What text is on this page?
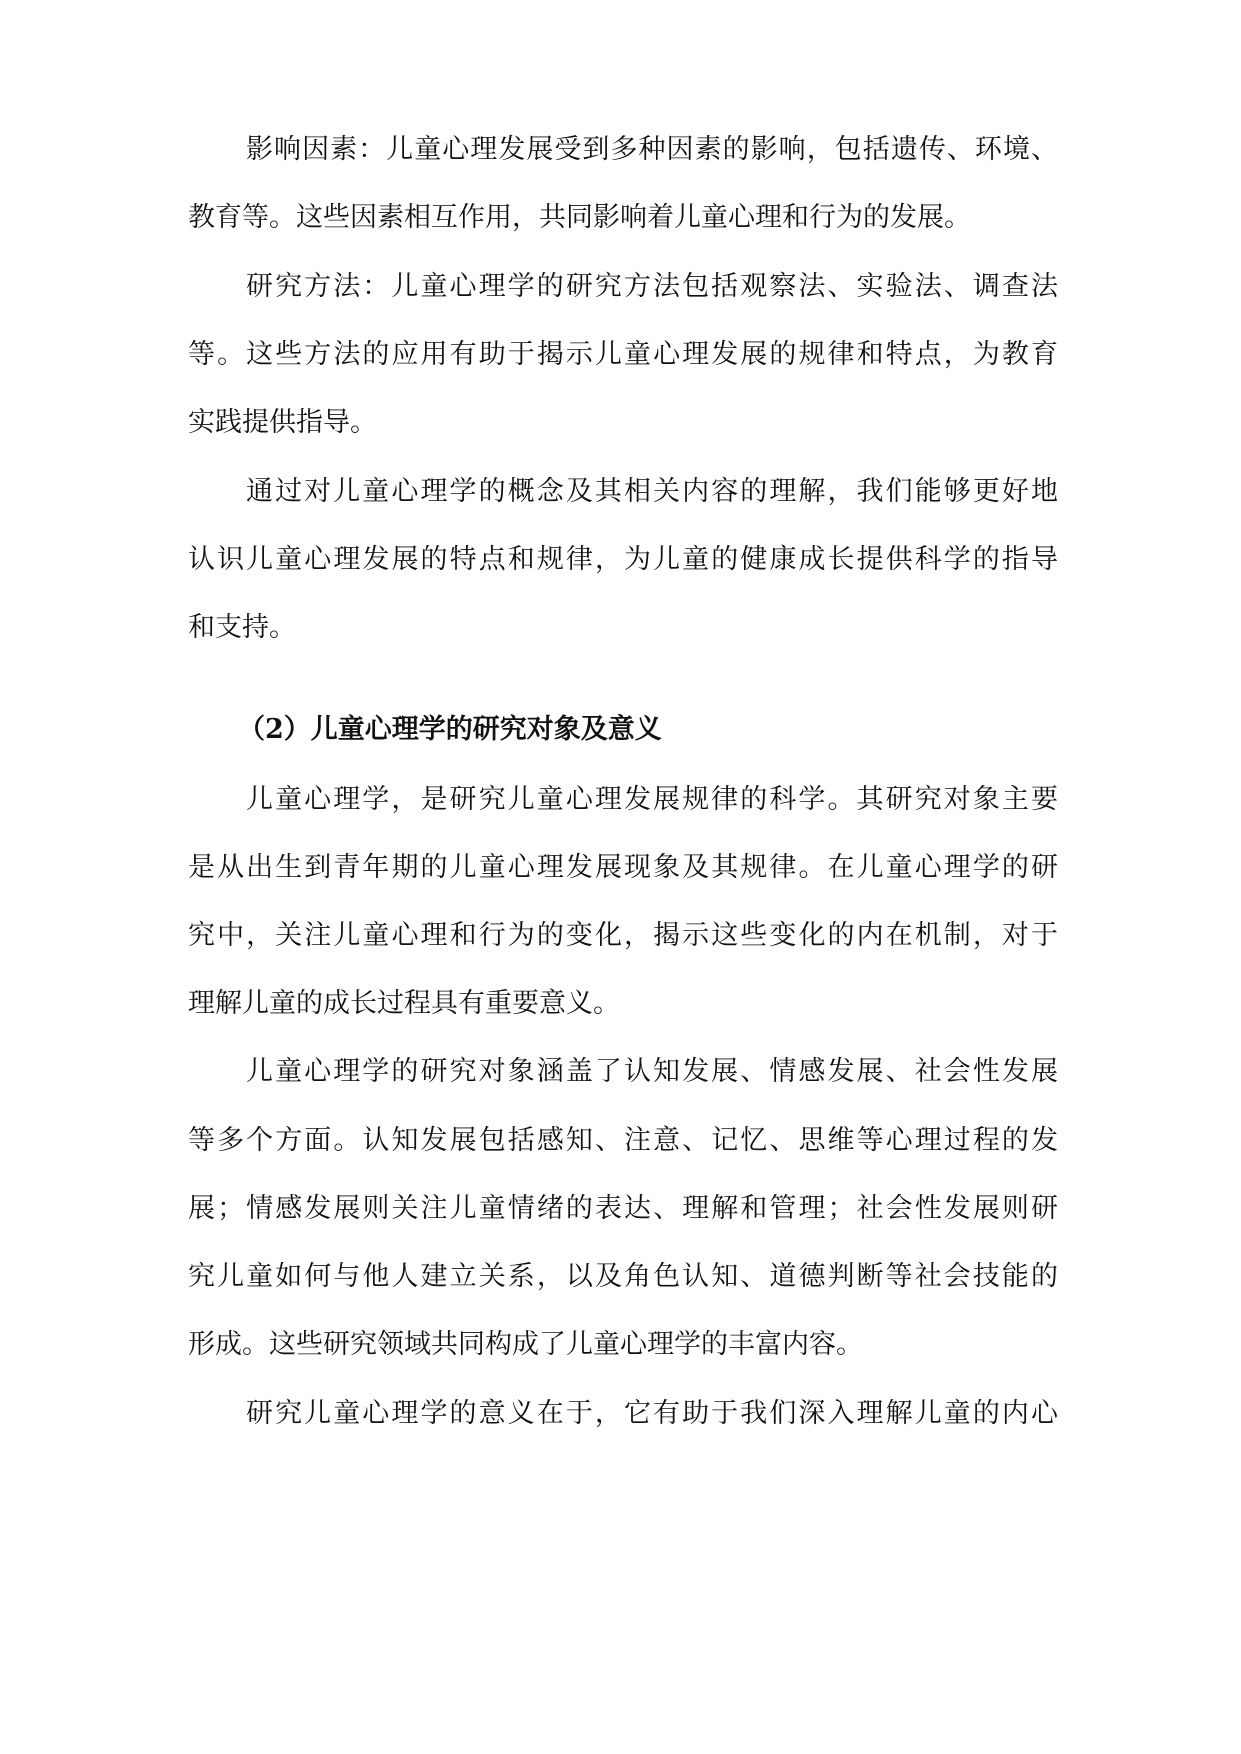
影响因素：儿童心理发展受到多种因素的影响，包括遗传、环境、
教育等。这些因素相互作用，共同影响着儿童心理和行为的发展。
研究方法：儿童心理学的研究方法包括观察法、实验法、调查法
等。这些方法的应用有助于揭示儿童心理发展的规律和特点，为教育
实践提供指导。
通过对儿童心理学的概念及其相关内容的理解，我们能够更好地
认识儿童心理发展的特点和规律，为儿童的健康成长提供科学的指导
和支持。
（2）儿童心理学的研究对象及意义
儿童心理学，是研究儿童心理发展规律的科学。其研究对象主要
是从出生到青年期的儿童心理发展现象及其规律。在儿童心理学的研
究中，关注儿童心理和行为的变化，揭示这些变化的内在机制，对于
理解儿童的成长过程具有重要意义。
儿童心理学的研究对象涵盖了认知发展、情感发展、社会性发展
等多个方面。认知发展包括感知、注意、记忆、思维等心理过程的发
展；情感发展则关注儿童情绪的表达、理解和管理；社会性发展则研
究儿童如何与他人建立关系，以及角色认知、道德判断等社会技能的
形成。这些研究领域共同构成了儿童心理学的丰富内容。
研究儿童心理学的意义在于，它有助于我们深入理解儿童的内心
